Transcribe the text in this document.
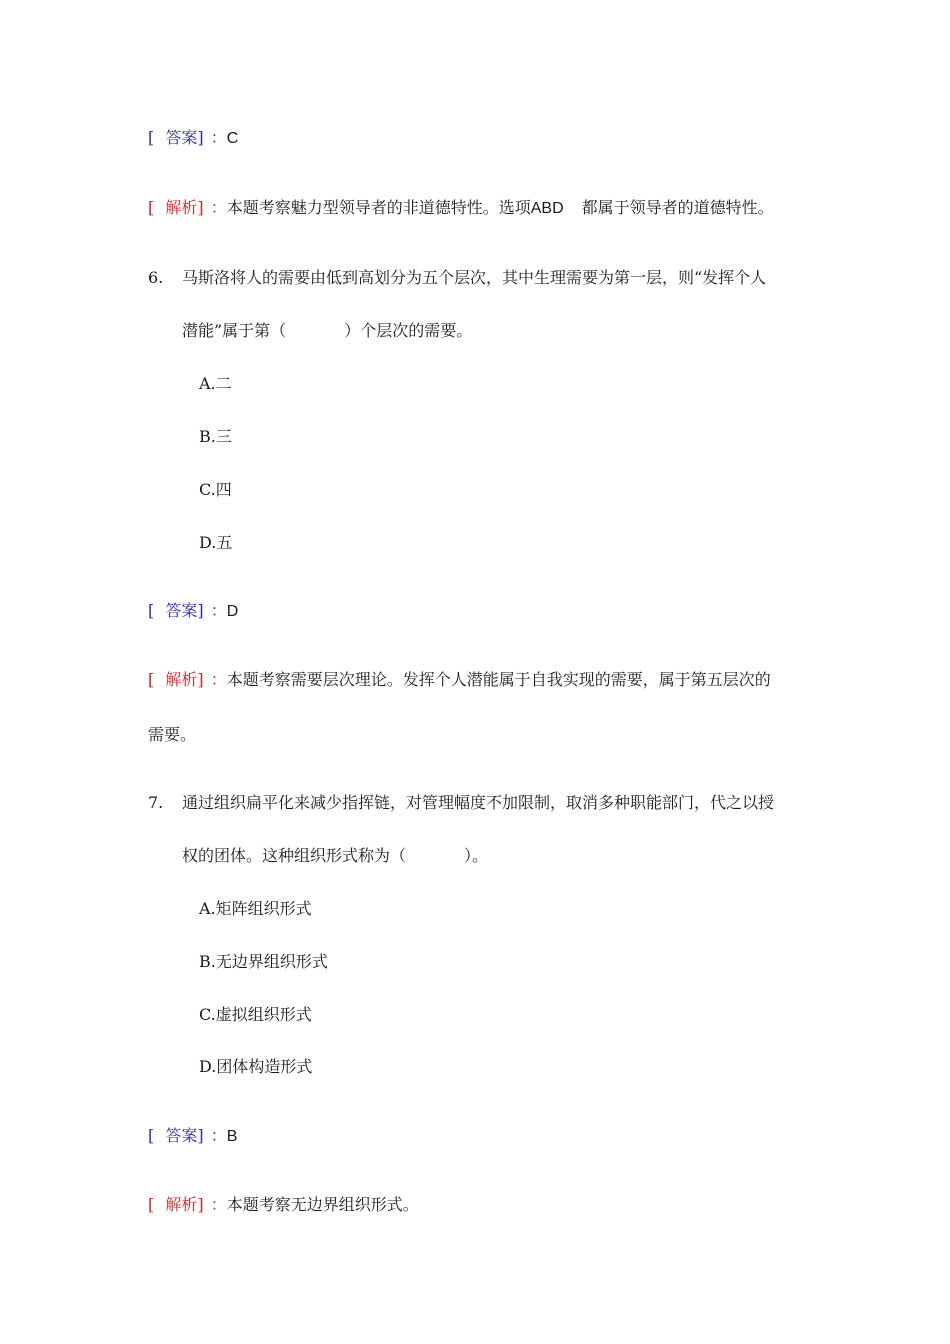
[ 答案] ：C
[ 解析] ：本题考察魅力型领导者的非道德特性。选项ABD 都属于领导者的道德特性。
6. 马斯洛将人的需要由低到高划分为五个层次，其中生理需要为第一层，则“发挥个人
潜能”属于第（	）个层次的需要。
A.二
B.三
C.四
D.五
[ 答案] ：D
[ 解析] ：本题考察需要层次理论。发挥个人潜能属于自我实现的需要，属于第五层次的
需要。
7. 通过组织扁平化来减少指挥链，对管理幅度不加限制，取消多种职能部门，代之以授
权的团体。这种组织形式称为（	）。
A.矩阵组织形式
B.无边界组织形式
C.虚拟组织形式
D.团体构造形式
[ 答案] ：B
[ 解析] ：本题考察无边界组织形式。
